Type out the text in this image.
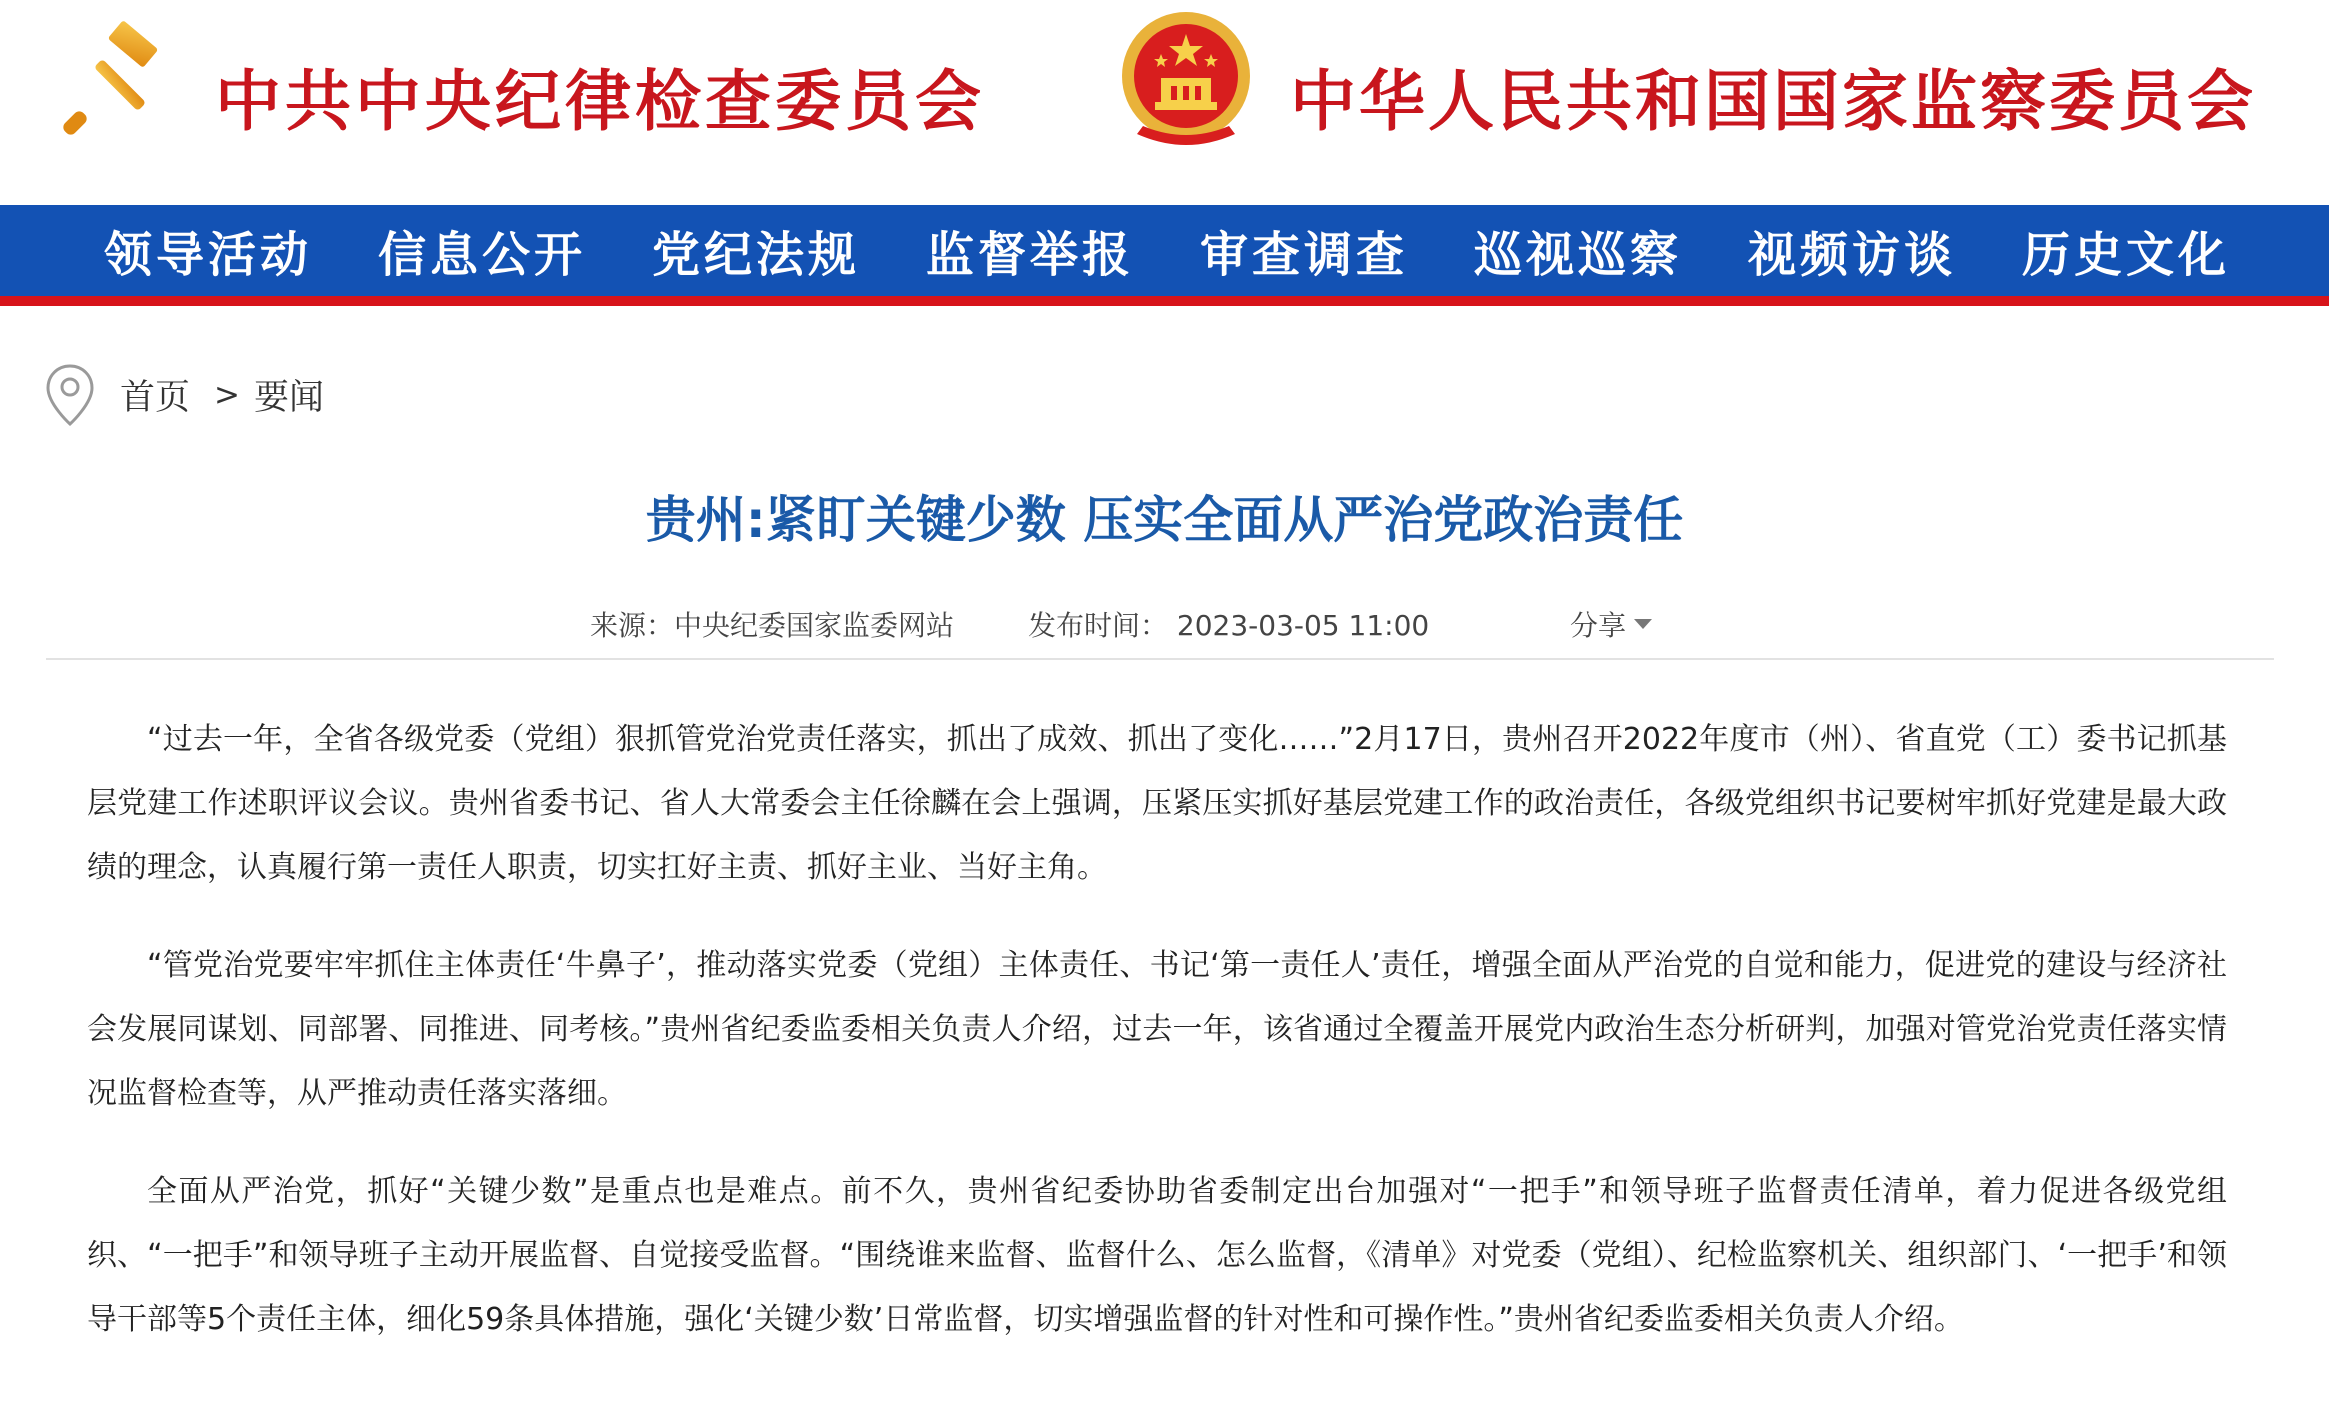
中共中央纪律检查委员会	中华人民共和国国家监察委员会
领导活动 信息公开 党纪法规 监督举报 审查调查 巡视巡察 视频访谈 历史文化
首页 > 要闻
贵州:紧盯关键少数 压实全面从严治党政治责任
来源：中央纪委国家监委网站	发布时间： 2023-03-05 11:00	分享

“过去一年，全省各级党委（党组）狠抓管党治党责任落实，抓出了成效、抓出了变化……”2月17日，贵州召开2022年度市（州）、省直党（工）委书记抓基层党建工作述职评议会议。贵州省委书记、省人大常委会主任徐麟在会上强调，压紧压实抓好基层党建工作的政治责任，各级党组织书记要树牢抓好党建是最大政绩的理念，认真履行第一责任人职责，切实扛好主责、抓好主业、当好主角。

“管党治党要牢牢抓住主体责任‘牛鼻子’，推动落实党委（党组）主体责任、书记‘第一责任人’责任，增强全面从严治党的自觉和能力，促进党的建设与经济社会发展同谋划、同部署、同推进、同考核。”贵州省纪委监委相关负责人介绍，过去一年，该省通过全覆盖开展党内政治生态分析研判，加强对管党治党责任落实情况监督检查等，从严推动责任落实落细。

全面从严治党，抓好“关键少数”是重点也是难点。前不久，贵州省纪委协助省委制定出台加强对“一把手”和领导班子监督责任清单，着力促进各级党组织、“一把手”和领导班子主动开展监督、自觉接受监督。“围绕谁来监督、监督什么、怎么监督，《清单》对党委（党组）、纪检监察机关、组织部门、‘一把手’和领导干部等5个责任主体，细化59条具体措施，强化‘关键少数’日常监督，切实增强监督的针对性和可操作性。”贵州省纪委监委相关负责人介绍。
